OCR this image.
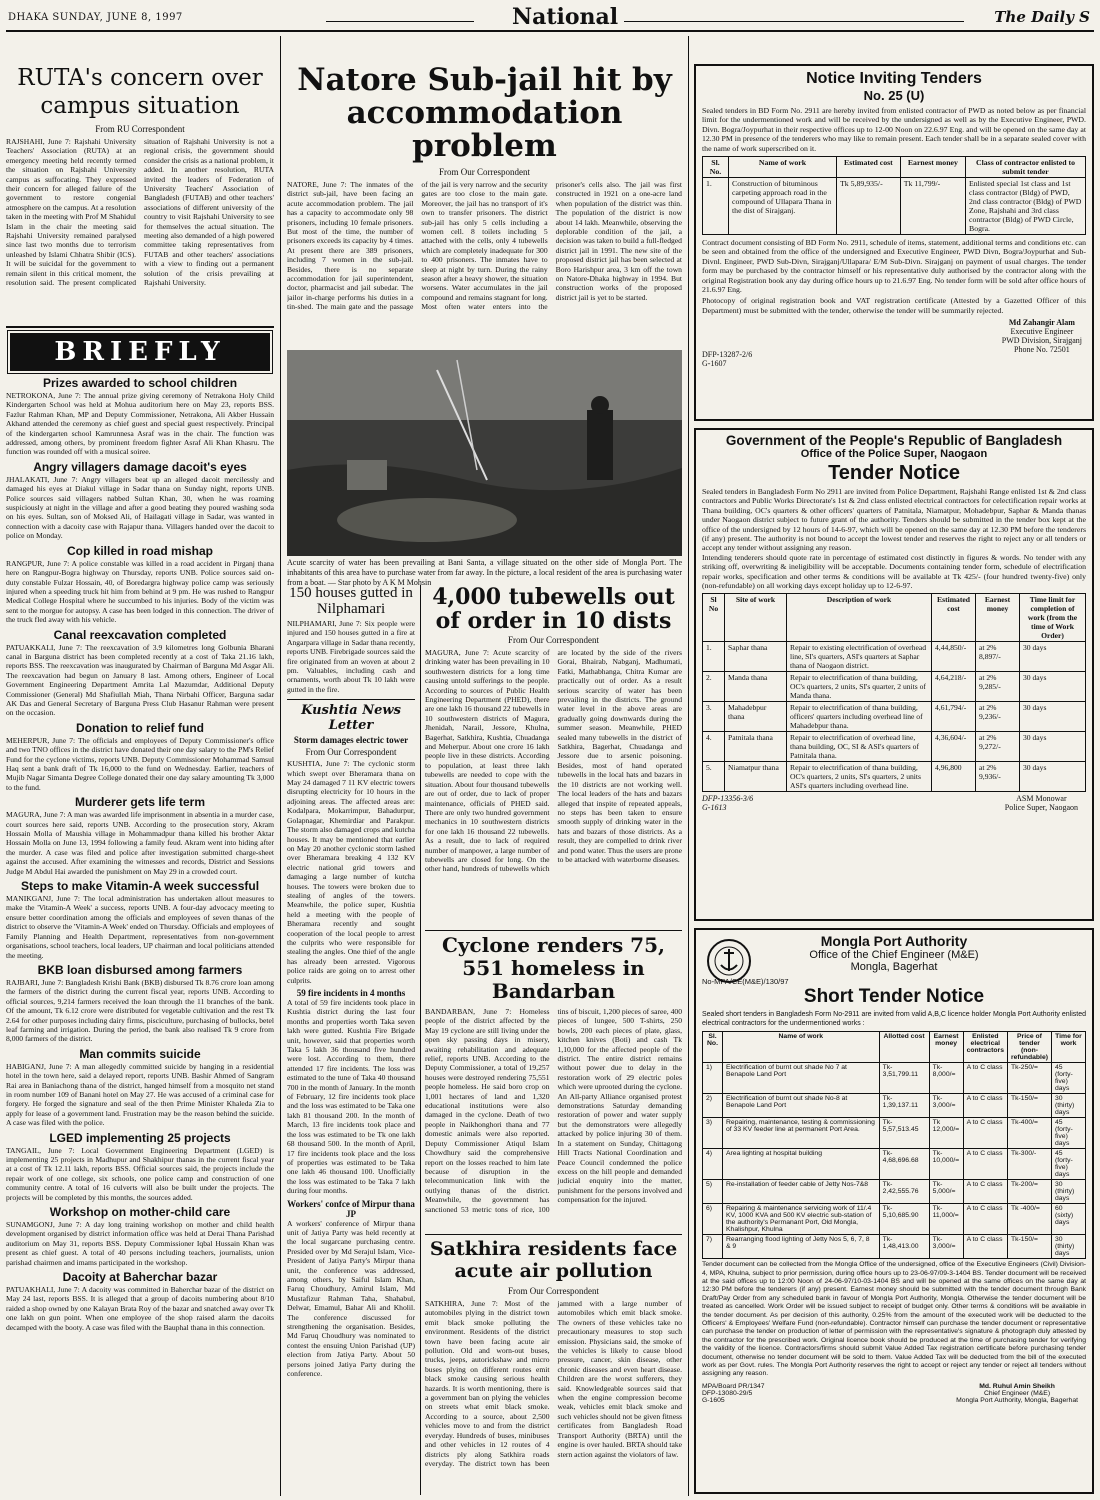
DHAKA SUNDAY, JUNE 8, 1997	National	The Daily S
RUTA's concern over campus situation
From RU Correspondent
RAJSHAHI, June 7: Rajshahi University Teachers' Association (RUTA) at an emergency meeting held recently termed the situation on Rajshahi University campus as suffocating. They expressed their concern for alleged failure of the government to restore congenial atmosphere on the campus. At a resolution taken in the meeting with Prof M Shahidul Islam in the chair the meeting said Rajshahi University remained paralysed since last two months due to terrorism unleashed by Islami Chhatra Shibir (ICS). It will be suicidal for the government to remain silent in this critical moment, the resolution said. The present complicated situation of Rajshahi University is not a regional crisis, the government should consider the crisis as a national problem, it added. In another resolution, RUTA invited the leaders of Federation of University Teachers' Association of Bangladesh (FUTAB) and other teachers' associations of different university of the country to visit Rajshahi University to see for themselves the actual situation. The meeting also demanded of a high powered committee taking representatives from FUTAB and other teachers' associations with a view to finding out a permanent solution of the crisis prevailing at Rajshahi University.
BRIEFLY
Prizes awarded to school children
NETROKONA, June 7: The annual prize giving ceremony of Netrakona Holy Child Kindergarten School was held at Mohua auditorium here on May 23, reports BSS. Fazlur Rahman Khan, MP and Deputy Commissioner, Netrakona, Ali Akber Hussain Akhand attended the ceremony as chief guest and special guest respectively. Principal of the kindergarten school Kamrunnesa Asraf was in the chair. The function was addressed, among others, by prominent freedom fighter Asraf Ali Khan Khasru. The function was rounded off with a musical soiree.
Angry villagers damage dacoit's eyes
JHALAKATI, June 7: Angry villagers beat up an alleged dacoit mercilessly and damaged his eyes at Diakul village in Sadar thana on Sunday night, reports UNB. Police sources said villagers nabbed Sultan Khan, 30, when he was roaming suspiciously at night in the village and after a good beating they poured washing soda on his eyes. Sultan, son of Moksed Ali, of Hailagati village in Sadar, was wanted in connection with a dacoity case with Rajapur thana. Villagers handed over the dacoit to police on Monday.
Cop killed in road mishap
RANGPUR, June 7: A police constable was killed in a road accident in Pirganj thana here on Rangpur-Bogra highway on Thursday, reports UNB. Police sources said on-duty constable Fulzar Hossain, 40, of Boredargra highway police camp was seriously injured when a speeding truck hit him from behind at 9 pm. He was rushed to Rangpur Medical College Hospital where he succumbed to his injuries. Body of the victim was sent to the morgue for autopsy. A case has been lodged in this connection. The driver of the truck fled away with his vehicle.
Canal reexcavation completed
PATUAKKALI, June 7: The reexcavation of 3.9 kilometres long Golbunia Bharani canal in Barguna district has been completed recently at a cost of Taka 21.16 lakh, reports BSS. The reexcavation was inaugurated by Chairman of Barguna Md Asgar Ali. The reexcavation had begun on January 8 last. Among others, Engineer of Local Government Engineering Department Amrita Lal Mazumdar, Additional Deputy Commissioner (General) Md Shafiullah Miah, Thana Nirbahi Officer, Barguna sadar AK Das and General Secretary of Barguna Press Club Hasanur Rahman were present on the occasion.
Donation to relief fund
MEHERPUR, June 7: The officials and employees of Deputy Commissioner's office and two TNO offices in the district have donated their one day salary to the PM's Relief Fund for the cyclone victims, reports UNB. Deputy Commissioner Mohammad Samsul Haq sent a bank draft of Tk 16,000 to the fund on Wednesday. Earlier, teachers of Mujib Nagar Simanta Degree College donated their one day salary amounting Tk 3,000 to the fund.
Murderer gets life term
MAGURA, June 7: A man was awarded life imprisonment in absentia in a murder case, court sources here said, reports UNB. According to the prosecution story, Akram Hossain Molla of Maushia village in Mohammadpur thana killed his brother Aktar Hossain Molla on June 13, 1994 following a family feud. Akram went into hiding after the murder. A case was filed and police after investigation submitted charge-sheet against the accused. After examining the witnesses and records, District and Sessions Judge M Abdul Hai awarded the punishment on May 29 in a crowded court.
Steps to make Vitamin-A week successful
MANIKGANJ, June 7: The local administration has undertaken allout measures to make the 'Vitamin-A Week' a success, reports UNB. A four-day advocacy meeting to ensure better coordination among the officials and employees of seven thanas of the district to observe the 'Vitamin-A Week' ended on Thursday. Officials and employees of Family Planning and Health Department, representatives from non-government organisations, school teachers, local leaders, UP chairman and local politicians attended the meeting.
BKB loan disbursed among farmers
RAJBARI, June 7: Bangladesh Krishi Bank (BKB) disbursed Tk 8.76 crore loan among the farmers of the district during the current fiscal year, reports UNB. According to official sources, 9,214 farmers received the loan through the 11 branches of the bank. Of the amount, Tk 6.12 crore were distributed for vegetable cultivation and the rest Tk 2.64 for other purposes including dairy firms, pisciculture, purchasing of bullocks, betel leaf farming and irrigation. During the period, the bank also realised Tk 9 crore from 8,000 farmers of the district.
Man commits suicide
HABIGANJ, June 7: A man allegedly committed suicide by hanging in a residential hotel in the town here, said a delayed report, reports UNB. Bashir Ahmed of Sangram Rai area in Baniachong thana of the district, hanged himself from a mosquito net stand in room number 109 of Banani hotel on May 27. He was accused of a criminal case for forgery. He forged the signature and seal of the then Prime Minister Khaleda Zia to apply for lease of a government land. Frustration may be the reason behind the suicide. A case was filed with the police.
LGED implementing 25 projects
TANGAIL, June 7: Local Government Engineering Department (LGED) is implementing 25 projects in Madhupur and Shakhipur thanas in the current fiscal year at a cost of Tk 12.11 lakh, reports BSS. Official sources said, the projects include the repair work of one college, six schools, one police camp and construction of one community centre. A total of 16 culverts will also be built under the projects. The projects will be completed by this months, the sources added.
Workshop on mother-child care
SUNAMGONJ, June 7: A day long training workshop on mother and child health development organised by district information office was held at Derai Thana Parishad auditorium on May 31, reports BSS. Deputy Commissioner Iqbal Hussain Khan was present as chief guest. A total of 40 persons including teachers, journalists, union parishad chairmen and imams participated in the workshop.
Dacoity at Baherchar bazar
PATUAKHALI, June 7: A dacoity was committed in Baherchar bazar of the district on May 24 last, reports BSS. It is alleged that a group of dacoits numbering about 8/10 raided a shop owned by one Kalayan Brata Roy of the bazar and snatched away over Tk one lakh on gun point. When one employee of the shop raised alarm the dacoits decamped with the booty. A case was filed with the Bauphal thana in this connection.
Natore Sub-jail hit by accommodation problem
From Our Correspondent
NATORE, June 7: The inmates of the district sub-jail, have been facing an acute accommodation problem. The jail has a capacity to accommodate only 98 prisoners, including 10 female prisoners. But most of the time, the number of prisoners exceeds its capacity by 4 times. At present there are 389 prisoners, including 7 women in the sub-jail. Besides, there is no separate accommodation for jail superintendent, doctor, pharmacist and jail subedar. The jailor in-charge performs his duties in a tin-shed. The main gate and the passage of the jail is very narrow and the security gates are too close to the main gate. Moreover, the jail has no transport of it's own to transfer prisoners. The district sub-jail has only 5 cells including a women cell. 8 toilets including 5 attached with the cells, only 4 tubewells which are completely inadequate for 300 to 400 prisoners. The inmates have to sleep at night by turn. During the rainy season after a heavy shower, the situation worsens. Water accumulates in the jail compound and remains stagnant for long. Most often water enters into the prisoner's cells also. The jail was first constructed in 1921 on a one-acre land when population of the district was thin. The population of the district is now about 14 lakh. Meanwhile, observing the deplorable condition of the jail, a decision was taken to build a full-fledged district jail in 1991. The new site of the proposed district jail has been selected at Boro Harishpur area, 3 km off the town on Natore-Dhaka highway in 1994. But construction works of the proposed district jail is yet to be started.
Acute scarcity of water has been prevailing at Bani Santa, a village situated on the other side of Mongla Port. The inhabitants of this area have to purchase water from far away. In the picture, a local resident of the area is purchasing water from a boat. — Star photo by A K M Mohsin
150 houses gutted in Nilphamari
NILPHAMARI, June 7: Six people were injured and 150 houses gutted in a fire at Angarpara village in Sadar thana recently, reports UNB. Firebrigade sources said the fire originated from an woven at about 2 pm. Valuables, including cash and ornaments, worth about Tk 10 lakh were gutted in the fire.
Kushtia News Letter
Storm damages electric tower
From Our Correspondent
KUSHTIA, June 7: The cyclonic storm which swept over Bheramara thana on May 24 damaged 7 11 KV electric towers disrupting electricity for 10 hours in the adjoining areas. The affected areas are: Kodalpara, Mokarrimpur, Bahadurpur, Golapnagar, Khemirdiar and Parakpur. The storm also damaged crops and kutcha houses. It may be mentioned that earlier on May 20 another cyclonic storm lashed over Bheramara breaking 4 132 KV electric national grid towers and damaging a large number of kutcha houses. The towers were broken due to stealing of angles of the towers. Meanwhile, the police super, Kushtia held a meeting with the people of Bheramara recently and sought cooperation of the local people to arrest the culprits who were responsible for stealing the angles. One thief of the angle has already been arrested. Vigorous police raids are going on to arrest other culprits.
59 fire incidents in 4 months
A total of 59 fire incidents took place in Kushtia district during the last four months and properties worth Taka seven lakh were gutted. Kushtia Fire Brigade unit, however, said that properties worth Taka 5 lakh 36 thousand five hundred were lost. According to them, there attended 17 fire incidents. The loss was estimated to the tune of Taka 40 thousand 700 in the month of January. In the month of February, 12 fire incidents took place and the loss was estimated to be Taka one lakh 81 thousand 200. In the month of March, 13 fire incidents took place and the loss was estimated to be Tk one lakh 68 thousand 500. In the month of April, 17 fire incidents took place and the loss of properties was estimated to be Taka one lakh 46 thousand 100. Unofficially the loss was estimated to be Taka 7 lakh during four months.
Workers' confce of Mirpur thana JP
A workers' conference of Mirpur thana unit of Jatiya Party was held recently at the local sugarcane purchasing centre. Presided over by Md Serajul Islam, Vice-President of Jatiya Party's Mirpur thana unit, the conference was addressed, among others, by Saiful Islam Khan, Faruq Choudhury, Amirul Islam, Md Mustafizur Rahman Taha, Shahabul, Delwar, Emamul, Bahar Ali and Kholil. The conference discussed for strengthening the organisation. Besides, Md Faruq Choudhury was nominated to contest the ensuing Union Parishad (UP) election from Jatiya Party. About 50 persons joined Jatiya Party during the conference.
4,000 tubewells out of order in 10 dists
From Our Correspondent
MAGURA, June 7: Acute scarcity of drinking water has been prevailing in 10 southwestern districts for a long time causing untold sufferings to the people. According to sources of Public Health Engineering Department (PHED), there are one lakh 16 thousand 22 tubewells in 10 southwestern districts of Magura, Jhenidah, Narail, Jessore, Khulna, Bagerhat, Satkhira, Kushtia, Chuadanga and Meherpur. About one crore 16 lakh people live in these districts. According to population, at least three lakh tubewells are needed to cope with the situation. About four thousand tubewells are out of order, due to lack of proper maintenance, officials of PHED said. There are only two hundred government mechanics in 10 southwestern districts for one lakh 16 thousand 22 tubewells. As a result, due to lack of required number of manpower, a large number of tubewells are closed for long. On the other hand, hundreds of tubewells which are located by the side of the rivers Gorai, Bhairab, Nabganj, Madhumati, Fatki, Mathabhanga, Chitra Kumar are practically out of order. As a result serious scarcity of water has been prevailing in the districts. The ground water level in the above areas are gradually going downwards during the summer season. Meanwhile, PHED sealed many tubewells in the district of Satkhira, Bagerhat, Chuadanga and Jessore due to arsenic poisoning. Besides, most of hand operated tubewells in the local hats and bazars in the 10 districts are not working well. The local leaders of the hats and bazars alleged that inspite of repeated appeals, no steps has been taken to ensure smooth supply of drinking water in the hats and bazars of those districts. As a result, they are compelled to drink river and pond water. Thus the users are prone to be attacked with waterborne diseases.
Cyclone renders 75, 551 homeless in Bandarban
BANDARBAN, June 7: Homeless people of the district affected by the May 19 cyclone are still living under the open sky passing days in misery, awaiting rehabilitation and adequate relief, reports UNB. According to the Deputy Commissioner, a total of 19,257 houses were destroyed rendering 75,551 people homeless. He said boro crop on 1,001 hectares of land and 1,320 educational institutions were also damaged in the cyclone. Death of two people in Naikhonghori thana and 77 domestic animals were also reported. Deputy Commissioner Atiqul Islam Chowdhury said the comprehensive report on the losses reached to him late because of disruption in the telecommunication link with the outlying thanas of the district. Meanwhile, the government has sanctioned 53 metric tons of rice, 100 tins of biscuit, 1,200 pieces of saree, 400 pieces of lungee, 500 T-shirts, 250 bowls, 200 each pieces of plate, glass, kitchen knives (Boti) and cash Tk 1,10,000 for the affected people of the district. The entire district remains without power due to delay in the restoration work of 29 electric poles which were uprooted during the cyclone. An All-party Alliance organised protest demonstrations Saturday demanding restoration of power and water supply but the demonstrators were allegedly attacked by police injuring 30 of them. In a statement on Sunday, Chittagong Hill Tracts National Coordination and Peace Council condemned the police excess on the hill people and demanded judicial enquiry into the matter, punishment for the persons involved and compensation for the injured.
Satkhira residents face acute air pollution
From Our Correspondent
SATKHIRA, June 7: Most of the automobiles plying in the district town emit black smoke polluting the environment. Residents of the district town have been facing acute air pollution. Old and worn-out buses, trucks, jeeps, autorickshaw and micro buses plying on different routes emit black smoke causing serious health hazards. It is worth mentioning, there is a government ban on plying the vehicles on streets what emit black smoke. According to a source, about 2,500 vehicles move to and from the district everyday. Hundreds of buses, minibuses and other vehicles in 12 routes of 4 districts ply along Satkhira roads everyday. The district town has been jammed with a large number of automobiles which emit black smoke. The owners of these vehicles take no precautionary measures to stop such emission. Physicians said, the smoke of the vehicles is likely to cause blood pressure, cancer, skin disease, other chronic diseases and even heart disease. Children are the worst sufferers, they said. Knowledgeable sources said that when the engine compression become weak, vehicles emit black smoke and such vehicles should not be given fitness certificates from Bangladesh Road Transport Authority (BRTA) until the engine is over hauled. BRTA should take stern action against the violators of law.
Notice Inviting Tenders
No. 25 (U)
Sealed tenders in BD Form No. 2911 are hereby invited from enlisted contractor of PWD as noted below as per financial limit for the undermentioned work and will be received by the undersigned as well as by the Executive Engineer, PWD. Divn. Bogra/Joypurhat in their respective offices up to 12-00 Noon on 22.6.97 Eng. and will be opened on the same day at 12.30 PM in presence of the tenderers who may like to remain present. Each tender shall be in a separate sealed cover with the name of work superscribed on it.
Sl. No.	Name of work	Estimated cost	Earnest money	Class of contractor enlisted to submit tender
1.	Construction of bituminous carpeting approach road in the compound of Ullapara Thana in the dist of Sirajganj.	Tk 5,89,935/-	Tk 11,799/-	Enlisted special 1st class and 1st class contractor (Bldg) of PWD, 2nd class contractor (Bldg) of PWD Zone, Rajshahi and 3rd class contractor (Bldg) of PWD Circle, Bogra.
Contract document consisting of BD Form No. 2911, schedule of items, statement, additional terms and conditions etc. can be seen and obtained from the office of the undersigned and Executive Engineer, PWD Divn, Bogra/Joypurhat and Sub-Divnl. Engineer, PWD Sub-Divn, Sirajganj/Ullapara/ E/M Sub-Divn. Sirajganj on payment of usual charges. The tender form may be purchased by the contractor himself or his representative duly authorised by the contractor along with the original Registration book any day during office hours up to 21.6.97 Eng. No tender form will be sold after office hours of 21.6.97 Eng.
Photocopy of original registration book and VAT registration certificate (Attested by a Gazetted Officer of this Department) must be submitted with the tender, otherwise the tender will be summarily rejected.
Md Zahangir Alam
Executive Engineer
PWD Division, Sirajganj
Phone No. 72501
DFP-13287-2/6
G-1607
Government of the People's Republic of Bangladesh
Office of the Police Super, Naogaon
Tender Notice
Sealed tenders in Bangladesh Form No 2911 are invited from Police Department, Rajshahi Range enlisted 1st & 2nd class contractors and Public Works Directorate's 1st & 2nd class enlisted electrical contractors for celectification repair works at Thana building, OC's quarters & other officers' quarters of Patnitala, Niamatpur, Mohadebpur, Saphar & Manda thanas under Naogaon district subject to future grant of the authority. Tenders should be submitted in the tender box kept at the office of the undersigned by 12 hours of 14-6-97, which will be opened on the same day at 12.30 PM before the tenderers (if any) present. The authority is not bound to accept the lowest tender and reserves the right to reject any or all tenders or accept any tender without assigning any reason.
Intending tenderers should quote rate in percentage of estimated cost distinctly in figures & words. No tender with any striking off, overwriting & ineligibility will be acceptable. Documents containing tender form, schedule of electrification repair works, specification and other terms & conditions will be available at Tk 425/- (four hundred twenty-five) only (non-refundable) on all working days except holiday up to 12-6-97.
Sl No	Site of work	Description of work	Estimated cost	Earnest money	Time limit for completion of work (from the time of Work Order)
1.	Saphar thana	Repair to existing electrification of overhead line, SI's quarters, ASI's quarters at Saphar thana of Naogaon district.	4,44,850/-	at 2% 8,897/-	30 days
2.	Manda thana	Repair to electrification of thana building, OC's quarters, 2 units, SI's quarter, 2 units of Manda thana.	4,64,218/-	at 2% 9,285/-	30 days
3.	Mahadebpur thana	Repair to electrification of thana building, officers' quarters including overhead line of Mahadebpur thana.	4,61,794/-	at 2% 9,236/-	30 days
4.	Patnitala thana	Repair to electrification of overhead line, thana building, OC, SI & ASI's quarters of Patnitala thana.	4,36,604/-	at 2% 9,272/-	30 days
5.	Niamatpur thana	Repair to electrification of thana building, OC's quarters, 2 units, SI's quarters, 2 units ASI's quarters including overhead line.	4,96,800	at 2% 9,936/-	30 days
ASM Monowar
Police Super, Naogaon
DFP-13356-3/6
G-1613
Mongla Port Authority
Office of the Chief Engineer (M&E)
Mongla, Bagerhat
No-MPA/CE(M&E)/130/97
Short Tender Notice
Sealed short tenders in Bangladesh Form No-2911 are invited from valid A,B,C licence holder Mongla Port Authority enlisted electrical contractors for the undermentioned works :
Sl. No.	Name of work	Allotted cost	Earnest money	Enlisted electrical contractors	Price of tender (non-refundable)	Time for work
1)	Electrification of burnt out shade No 7 at Benapole Land Port	Tk-3,51,799.11	Tk-8,000/=	A to C class	Tk-250/=	45 (forty-five) days
2)	Electrification of burnt out shade No-8 at Benapole Land Port	Tk-1,39,137.11	Tk-3,000/=	A to C class	Tk-150/=	30 (thirty) days
3)	Repairing, maintenance, testing & commissioning of 33 KV feeder line at permanent Port Area.	Tk-5,57,513.45	Tk 12,000/=	A to C class	Tk-400/=	45 (forty-five) days
4)	Area lighting at hospital building	Tk-4,68,696.68	Tk-10,000/=	A to C class	Tk-300/-	45 (forty-five) days
5)	Re-installation of feeder cable of Jetty Nos-7&8	Tk-2,42,555.76	Tk-5,000/=	A to C class	Tk-200/=	30 (thirty) days
6)	Repairing & maintenance servicing work of 11/.4 KV, 1000 KVA and 500 KV electric sub-station of the authority's Permanant Port, Old Mongla, Khalishpur, Khulna	Tk-5,10,685.90	Tk-11,000/=	A to C class	Tk -400/=	60 (sixty) days
7)	Rearranging flood lighting of Jetty Nos 5, 6, 7, 8 & 9	Tk-1,48,413.00	Tk-3,000/=	A to C class	Tk-150/=	30 (thirty) days
Tender document can be collected from the Mongla Office of the undersigned, office of the Executive Engineers (Civil) Division-4, MPA, Khulna, subject to prior permission, during office hours up to 23-06-97/09-3-1404 BS. Tender document will be received at the said offices up to 12:00 Noon of 24-06-97/10-03-1404 BS and will be opened at the same offices on the same day at 12:30 PM before the tenderers (if any) present. Earnest money should be submitted with the tender document through Bank Draft/Pay Order from any scheduled bank in favour of Mongla Port Authority, Mongla. Otherwise the tender document will be treated as cancelled. Work Order will be issued subject to receipt of budget only. Other terms & conditions will be available in the tender document. As per decision of this authority, 0.25% from the amount of the executed work will be deducted to the Officers' & Employees' Welfare Fund (non-refundable). Contractor himself can purchase the tender document or representative can purchase the tender on production of letter of permission with the representative's signature & photograph duly attested by the contractor for the prescribed work. Original licence book should be produced at the time of purchasing tender for verifying the validity of the licence. Contractors/firms should submit Value Added Tax registration certificate before purchasing tender document, otherwise no tender document will be sold to them. Value Added Tax will be deducted from the bill of the executed work as per Govt. rules. The Mongla Port Authority reserves the right to accept or reject any tender or reject all tenders without assigning any reason.
MPA/Board PR/1347
DFP-13080-29/5
G-1605
Md. Ruhul Amin Sheikh
Chief Engineer (M&E)
Mongla Port Authority, Mongla, Bagerhat
